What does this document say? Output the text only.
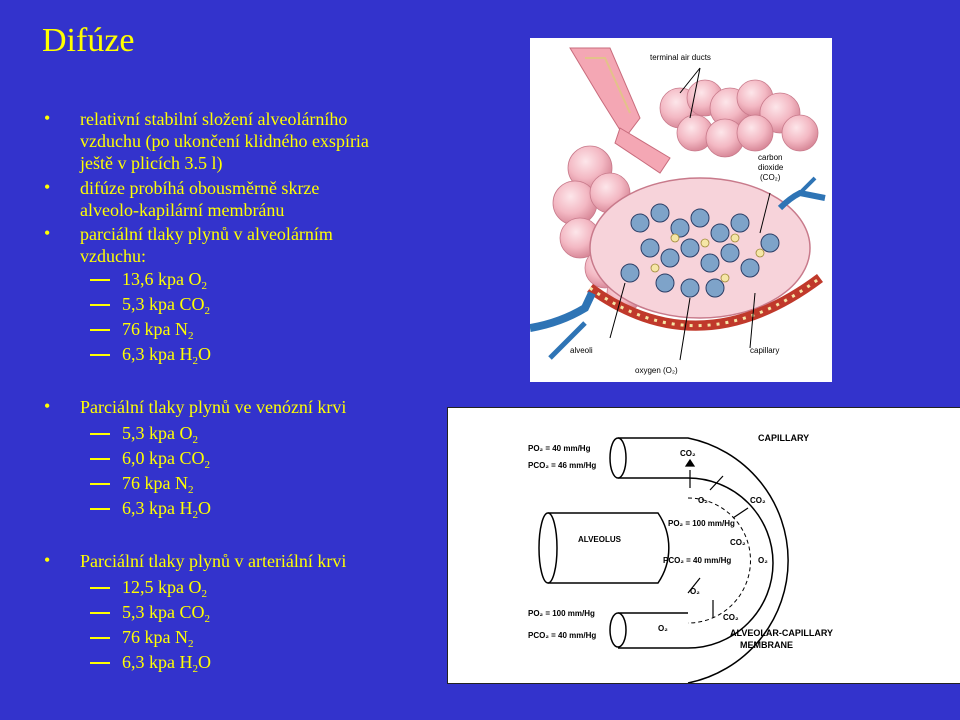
Difúze
• relativní stabilní složení alveolárního
vzduchu (po ukončení klidného exspíria
ještě v plicích 3.5 l)
• difúze probíhá obousměrně skrze
alveolo-kapilární membránu
• parciální tlaky plynů v alveolárním
vzduchu:
13,6 kpa $O_2$
5,3 kpa $CO_2$
76 kpa $N_2$
6,3 kpa $H_2O$
• Parciální tlaky plynů ve venózní krvi
5,3 kpa $O_2$
6,0 kpa $CO_2$
76 kpa $N_2$
6,3 kpa $H_2O$
• Parciální tlaky plynů v arteriální krvi
12,5 kpa $O_2$
5,3 kpa $CO_2$
76 kpa $N_2$
6,3 kpa $H_2O$
terminal air ducts
carbon
dioxide
(CO₂)
alveoli	capillary
oxygen (O₂)
PO₂ = 40 mm/Hg
PCO₂ = 46 mm/Hg
CAPILLARY
CO₂
O₂	CO₂
PO₂ = 100 mm/Hg
ALVEOLUS	CO₂
PCO₂ = 40 mm/Hg	O₂
O₂
PO₂ = 100 mm/Hg	CO₂
O₂
PCO₂ = 40 mm/Hg	ALVEOLAR-CAPILLARY
MEMBRANE
